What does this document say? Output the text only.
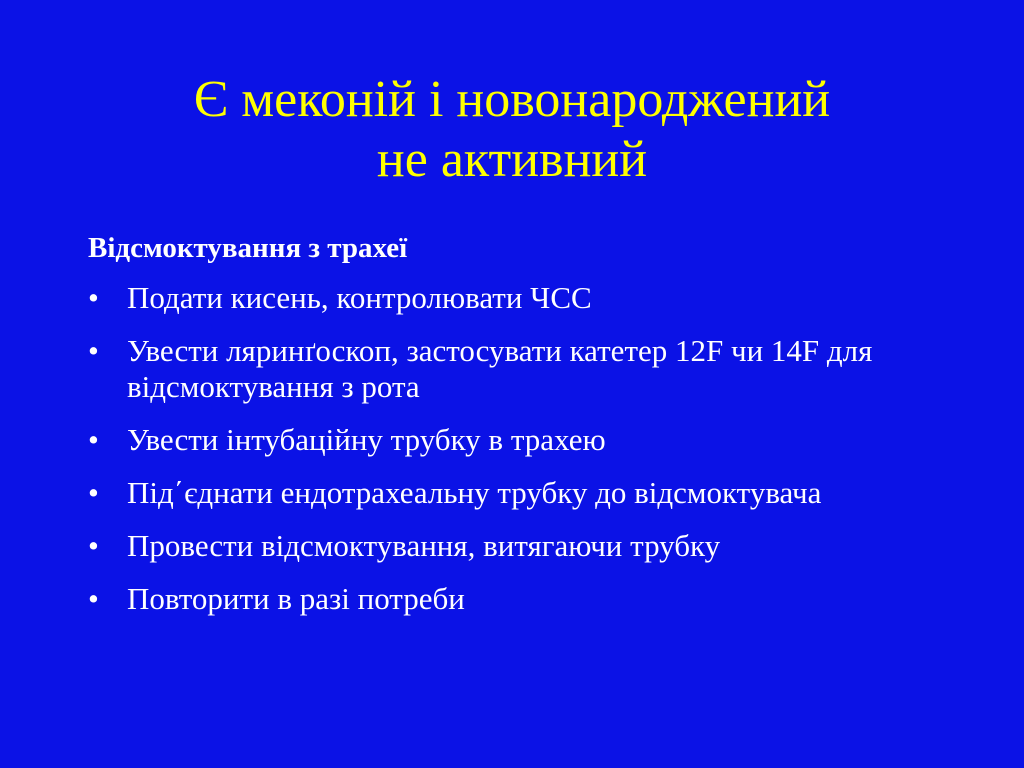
Є меконій і новонароджений
не активний
Відсмоктування з трахеї
• Подати кисень, контролювати ЧСС
• Увести ляринґоскоп, застосувати катетер 12F чи 14F для відсмоктування з рота
• Увести інтубаційну трубку в трахею
• Під΄єднати ендотрахеальну трубку до відсмоктувача
• Провести відсмоктування, витягаючи трубку
• Повторити в разі потреби
